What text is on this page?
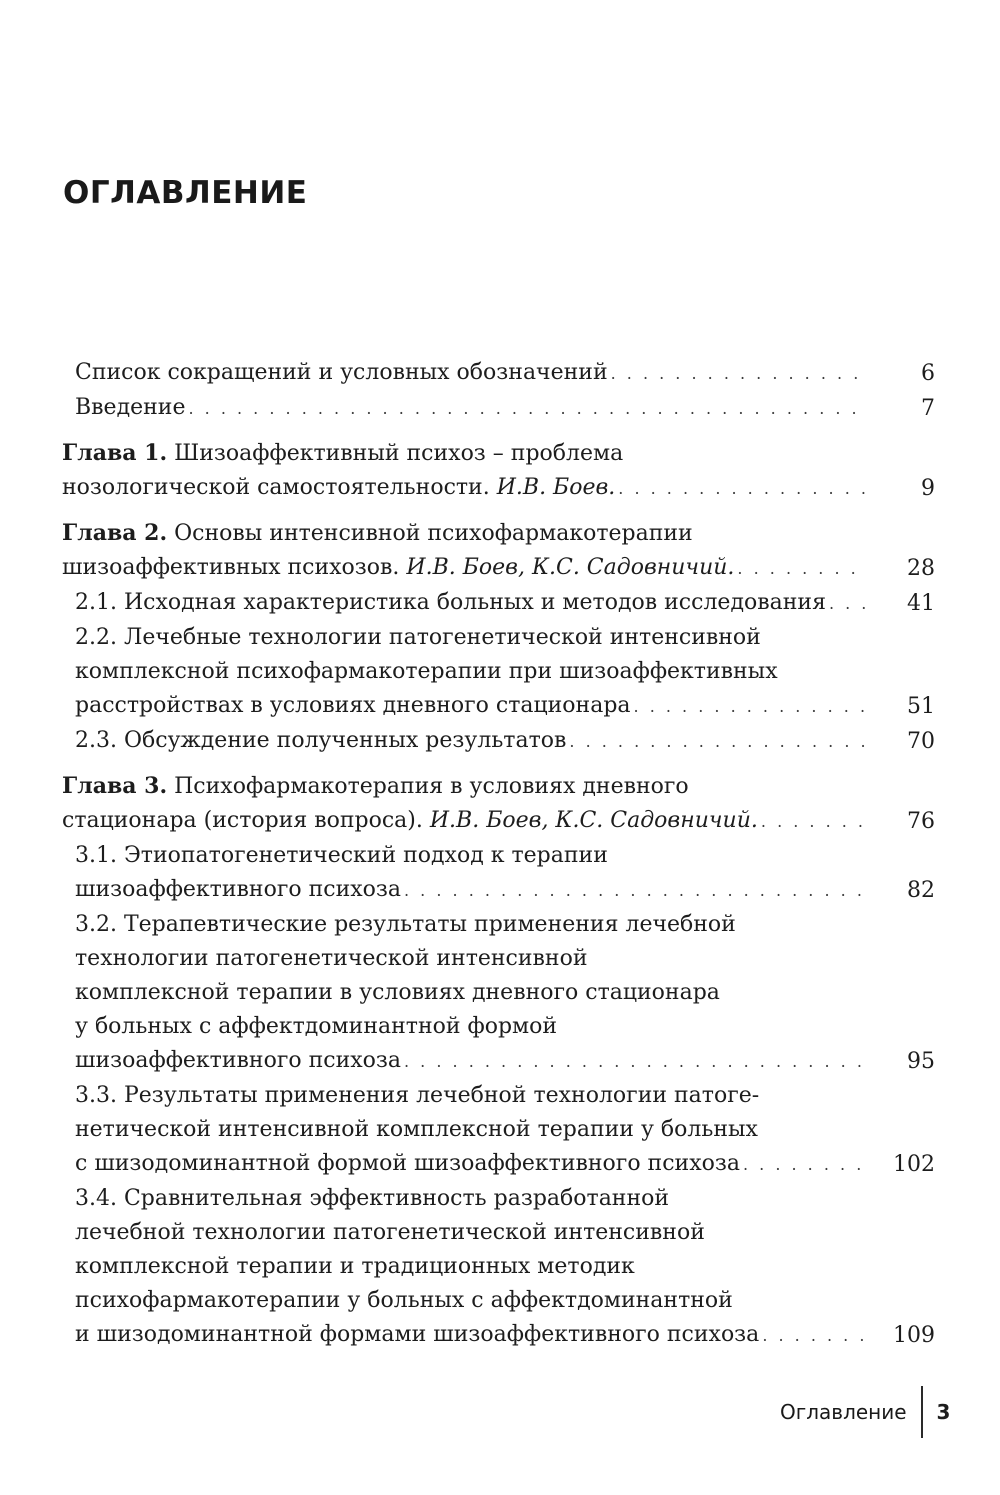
ОГЛАВЛЕНИЕ
Список сокращений и условных обозначений . . .	6
Введение . . .	7
Глава 1. Шизоаффективный психоз – проблема
нозологической самостоятельности. И.В. Боев. . . .	9
Глава 2. Основы интенсивной психофармакотерапии
шизоаффективных психозов. И.В. Боев, К.С. Садовничий. . . .	28
2.1. Исходная характеристика больных и методов исследования . . .	41
2.2. Лечебные технологии патогенетической интенсивной
комплексной психофармакотерапии при шизоаффективных
расстройствах в условиях дневного стационара . . .	51
2.3. Обсуждение полученных результатов . . .	70
Глава 3. Психофармакотерапия в условиях дневного
стационара (история вопроса). И.В. Боев, К.С. Садовничий. . . .	76
3.1. Этиопатогенетический подход к терапии
шизоаффективного психоза . . .	82
3.2. Терапевтические результаты применения лечебной
технологии патогенетической интенсивной
комплексной терапии в условиях дневного стационара
у больных с аффектдоминантной формой
шизоаффективного психоза . . .	95
3.3. Результаты применения лечебной технологии патоге-
нетической интенсивной комплексной терапии у больных
с шизодоминантной формой шизоаффективного психоза . . .	102
3.4. Сравнительная эффективность разработанной
лечебной технологии патогенетической интенсивной
комплексной терапии и традиционных методик
психофармакотерапии у больных с аффектдоминантной
и шизодоминантной формами шизоаффективного психоза . . .	109
Оглавление	3
